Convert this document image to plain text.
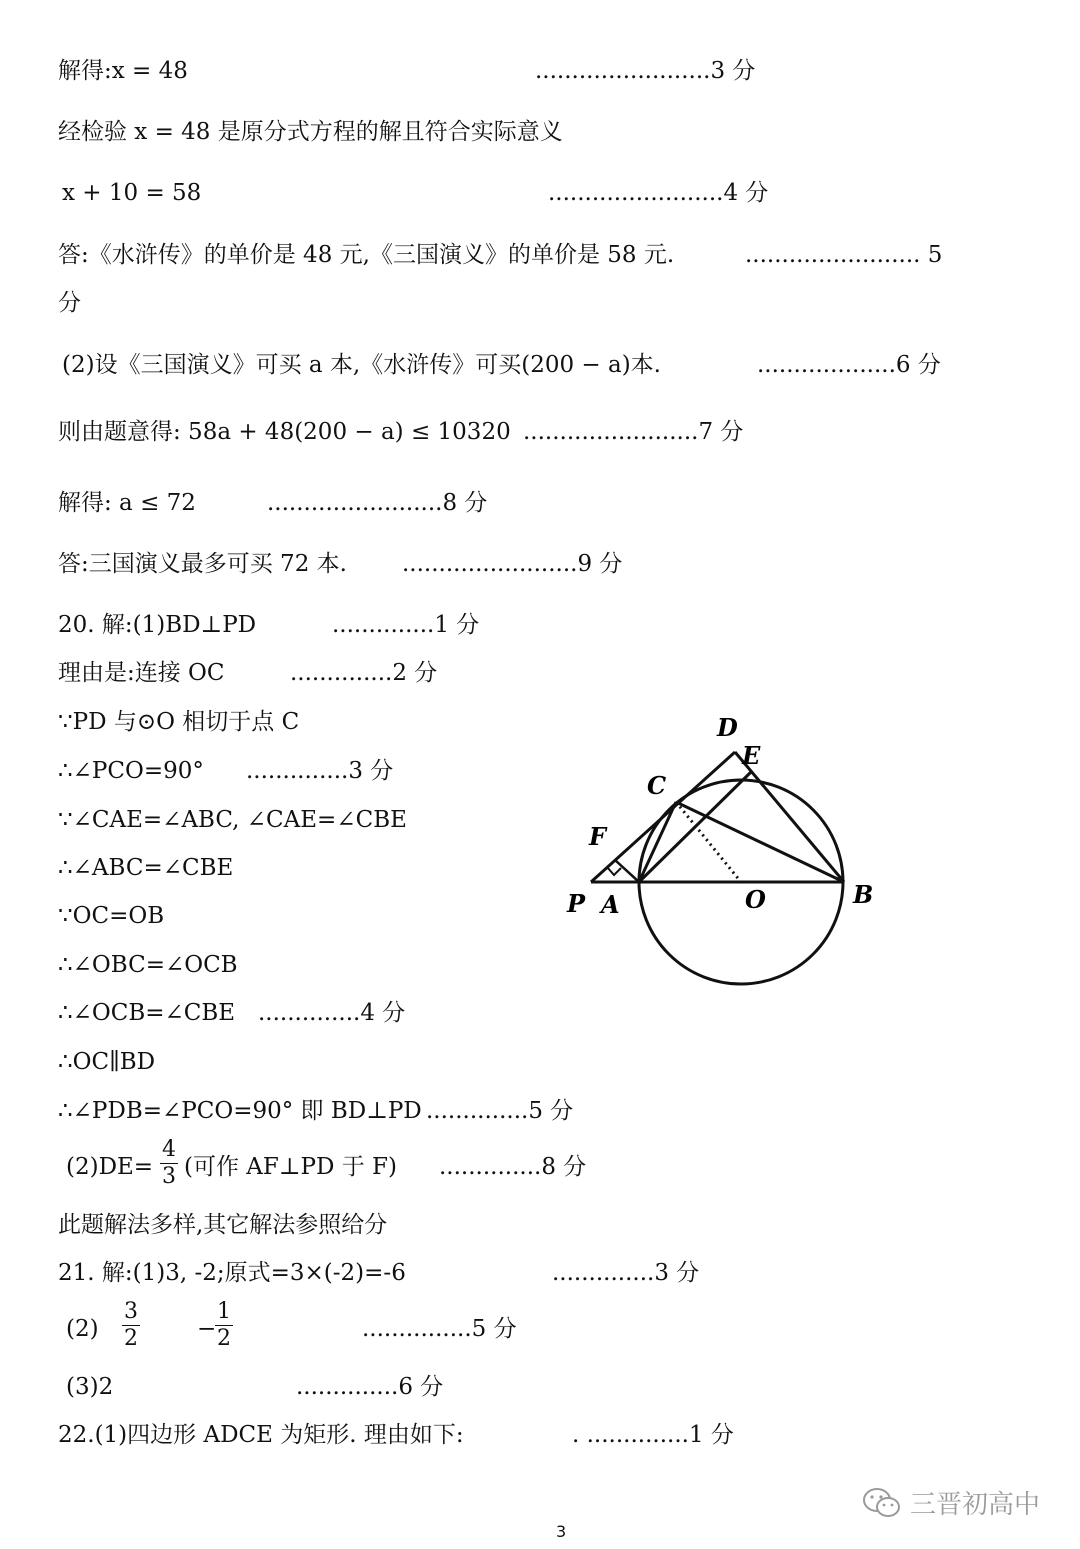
解得:x = 48	........................3 分
经检验 x = 48 是原分式方程的解且符合实际意义
x + 10 = 58	........................4 分
答:《水浒传》的单价是 48 元,《三国演义》的单价是 58 元.	........................ 5
分
(2)设《三国演义》可买 a 本,《水浒传》可买(200 − a)本.	...................6 分
则由题意得: 58a + 48(200 − a) ≤ 10320 ........................7 分
解得: a ≤ 72	........................8 分
答:三国演义最多可买 72 本. ........................9 分
20. 解:(1)BD⊥PD	..............1 分
理由是:连接 OC	..............2 分
∵PD 与⊙O 相切于点 C
∴∠PCO=90° ..............3 分
∵∠CAE=∠ABC, ∠CAE=∠CBE
∴∠ABC=∠CBE
∵OC=OB
∴∠OBC=∠OCB
∴∠OCB=∠CBE ..............4 分
∴OC∥BD
∴∠PDB=∠PCO=90° 即 BD⊥PD ..............5 分
(2)DE=
4
3 (可作 AF⊥PD 于 F) ..............8 分
此题解法多样,其它解法参照给分
21. 解:(1)3, -2;原式=3×(-2)=-6	..............3 分
(2)
3
2	−
1
2	...............5 分
(3)2	..............6 分
22.(1)四边形 ADCE 为矩形. 理由如下:	. ..............1 分
D
E
C
F
P A	O	B
三晋初高中
3
